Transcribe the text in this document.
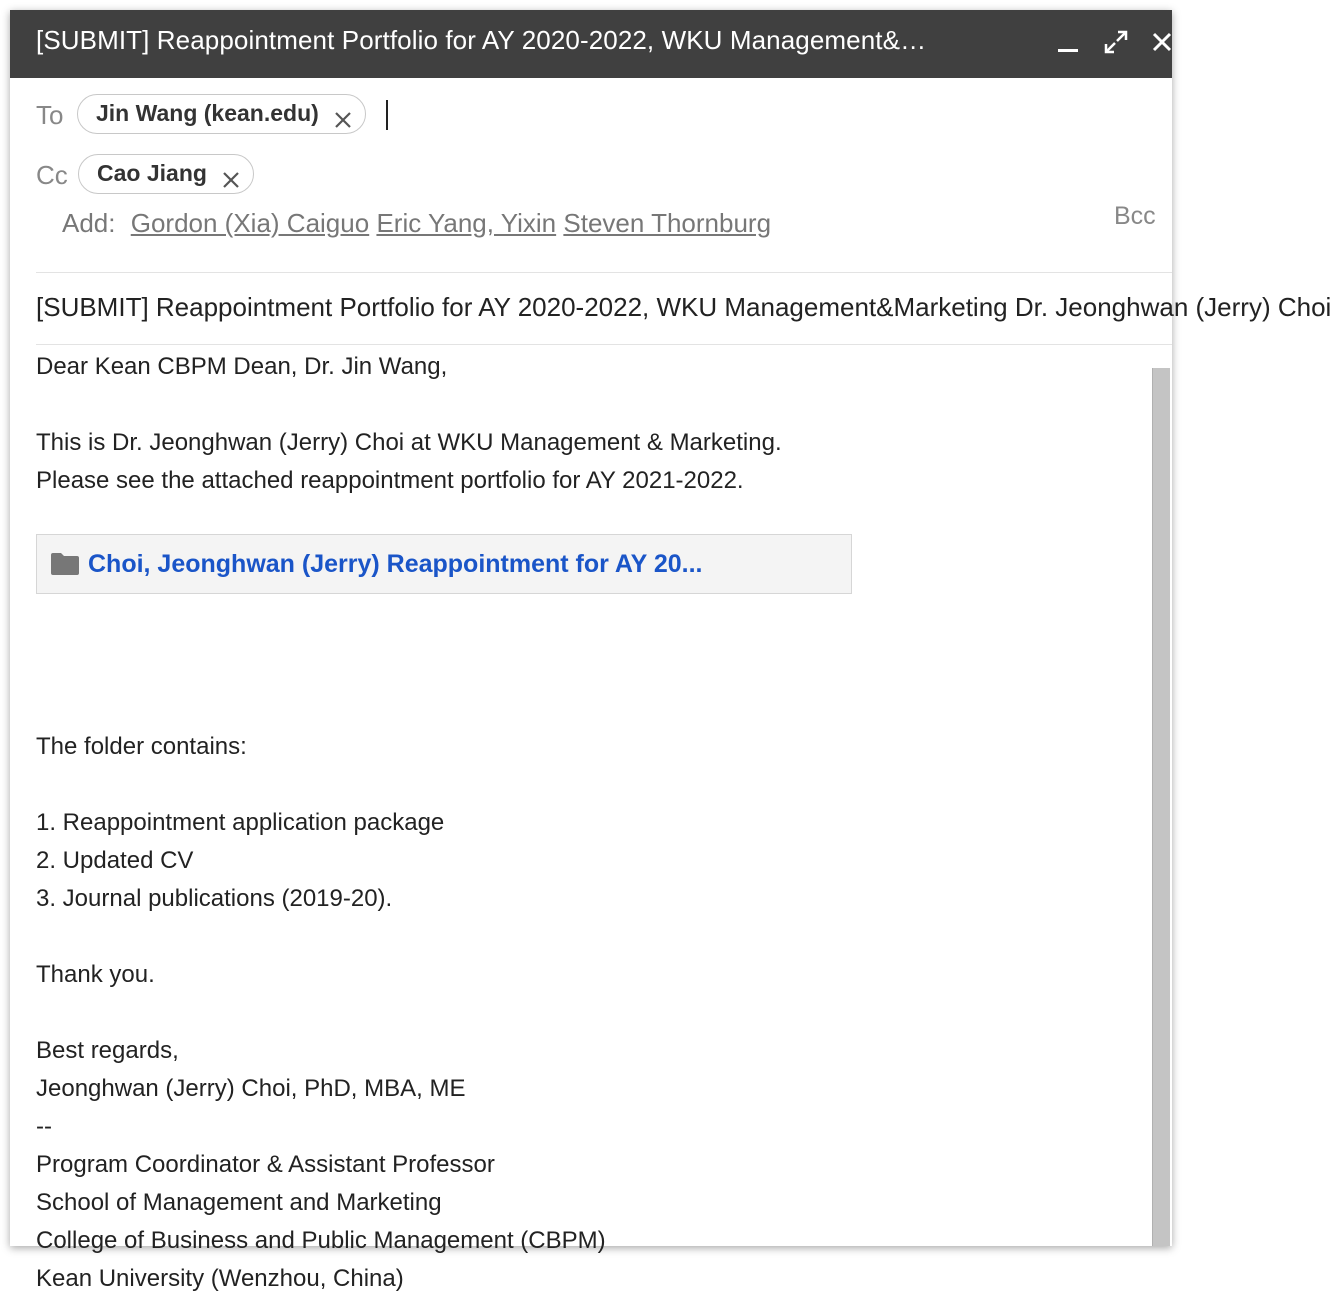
[SUBMIT] Reappointment Portfolio for AY 2020-2022, WKU Management&…
To	Jin Wang (kean.edu)
Cc	Cao Jiang
Add: Gordon (Xia) Caiguo Eric Yang, Yixin Steven Thornburg	Bcc
[SUBMIT] Reappointment Portfolio for AY 2020-2022, WKU Management&Marketing Dr. Jeonghwan (Jerry) Choi

Dear Kean CBPM Dean, Dr. Jin Wang,

This is Dr. Jeonghwan (Jerry) Choi at WKU Management & Marketing.

Please see the attached reappointment portfolio for AY 2021-2022.

The folder contains:

1. Reappointment application package

2. Updated CV

3. Journal publications (2019-20).

Thank you.

Best regards,

Jeonghwan (Jerry) Choi, PhD, MBA, ME

--

Program Coordinator & Assistant Professor

School of Management and Marketing

College of Business and Public Management (CBPM)

Kean University (Wenzhou, China)

Choi, Jeonghwan (Jerry) Reappointment for AY 20...
